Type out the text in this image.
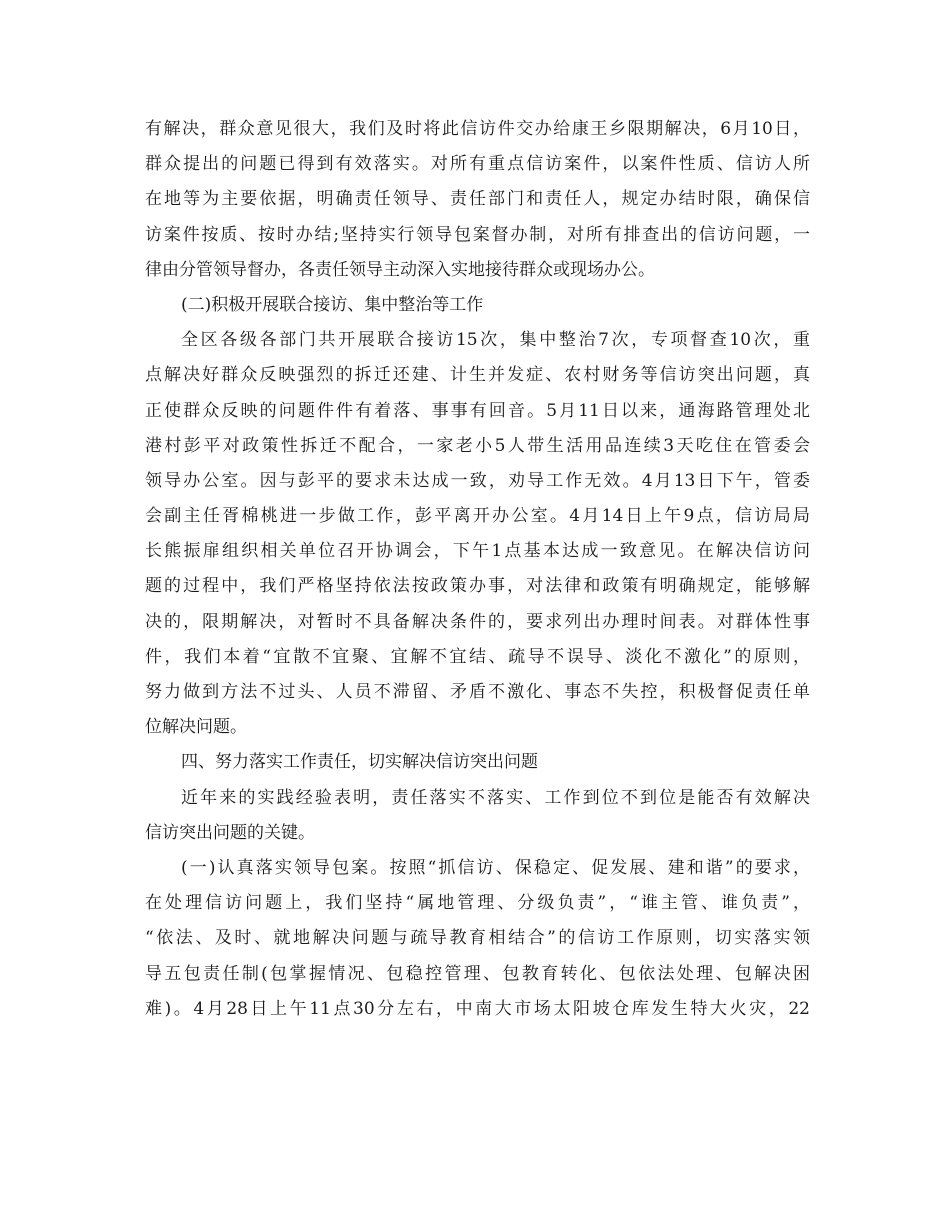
有解决，群众意见很大，我们及时将此信访件交办给康王乡限期解决，6月10日，
群众提出的问题已得到有效落实。对所有重点信访案件，以案件性质、信访人所
在地等为主要依据，明确责任领导、责任部门和责任人，规定办结时限，确保信
访案件按质、按时办结;坚持实行领导包案督办制，对所有排查出的信访问题，一
律由分管领导督办，各责任领导主动深入实地接待群众或现场办公。
(二)积极开展联合接访、集中整治等工作
全区各级各部门共开展联合接访15次，集中整治7次，专项督查10次，重
点解决好群众反映强烈的拆迁还建、计生并发症、农村财务等信访突出问题，真
正使群众反映的问题件件有着落、事事有回音。5月11日以来，通海路管理处北
港村彭平对政策性拆迁不配合，一家老小5人带生活用品连续3天吃住在管委会
领导办公室。因与彭平的要求未达成一致，劝导工作无效。4月13日下午，管委
会副主任胥棉桃进一步做工作，彭平离开办公室。4月14日上午9点，信访局局
长熊振扉组织相关单位召开协调会，下午1点基本达成一致意见。在解决信访问
题的过程中，我们严格坚持依法按政策办事，对法律和政策有明确规定，能够解
决的，限期解决，对暂时不具备解决条件的，要求列出办理时间表。对群体性事
件，我们本着“宜散不宜聚、宜解不宜结、疏导不误导、淡化不激化”的原则，
努力做到方法不过头、人员不滞留、矛盾不激化、事态不失控，积极督促责任单
位解决问题。
四、努力落实工作责任，切实解决信访突出问题
近年来的实践经验表明，责任落实不落实、工作到位不到位是能否有效解决
信访突出问题的关键。
(一)认真落实领导包案。按照“抓信访、保稳定、促发展、建和谐”的要求，
在处理信访问题上，我们坚持“属地管理、分级负责”，“谁主管、谁负责”，
“依法、及时、就地解决问题与疏导教育相结合”的信访工作原则，切实落实领
导五包责任制(包掌握情况、包稳控管理、包教育转化、包依法处理、包解决困
难)。4月28日上午11点30分左右，中南大市场太阳坡仓库发生特大火灾，22
